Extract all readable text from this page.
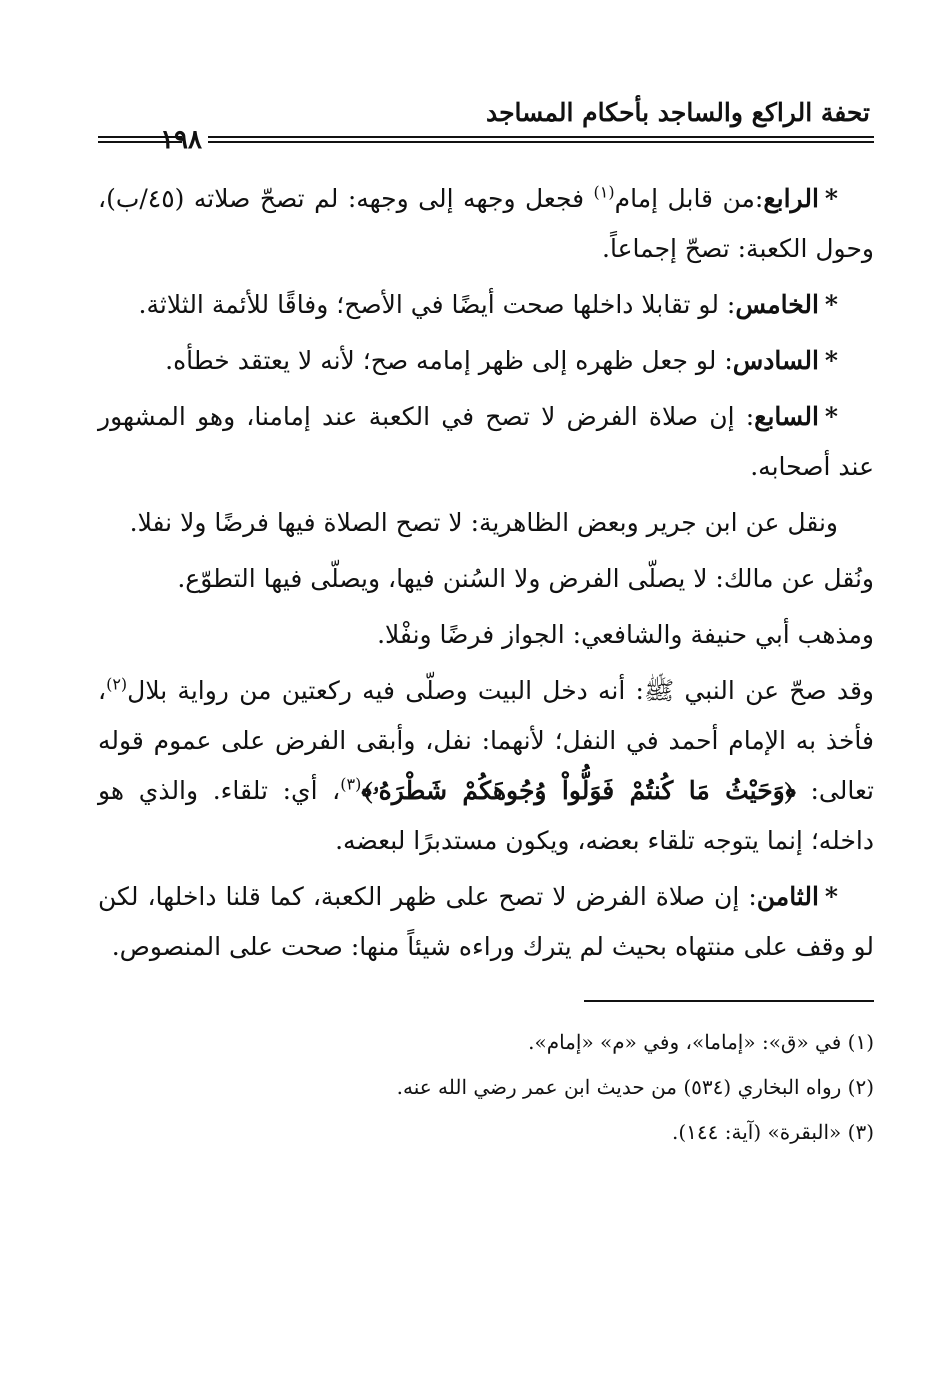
تحفة الراكع والساجد بأحكام المساجد
١٩٨

*الرابع:من قابل إمام$^{(١)}$ فجعل وجهه إلى وجهه: لم تصحّ صلاته (٤٥/ب)، وحول الكعبة: تصحّ إجماعاً.

*الخامس: لو تقابلا داخلها صحت أيضًا في الأصح؛ وفاقًا للأئمة الثلاثة.

*السادس: لو جعل ظهره إلى ظهر إمامه صح؛ لأنه لا يعتقد خطأه.

*السابع: إن صلاة الفرض لا تصح في الكعبة عند إمامنا، وهو المشهور عند أصحابه.

ونقل عن ابن جرير وبعض الظاهرية: لا تصح الصلاة فيها فرضًا ولا نفلا.

ونُقل عن مالك: لا يصلّى الفرض ولا السُنن فيها، ويصلّى فيها التطوّع.

ومذهب أبي حنيفة والشافعي: الجواز فرضًا ونفْلا.

وقد صحّ عن النبي ﷺ: أنه دخل البيت وصلّى فيه ركعتين من رواية بلال$^{(٢)}$، فأخذ به الإمام أحمد في النفل؛ لأنهما: نفل، وأبقى الفرض على عموم قوله تعالى: ﴿وَحَيْثُ مَا كُنتُمْ فَوَلُّواْ وُجُوهَكُمْ شَطْرَهُۥ﴾$^{(٣)}$، أي: تلقاء. والذي هو داخله؛ إنما يتوجه تلقاء بعضه، ويكون مستدبرًا لبعضه.

*الثامن: إن صلاة الفرض لا تصح على ظهر الكعبة، كما قلنا داخلها، لكن لو وقف على منتهاه بحيث لم يترك وراءه شيئاً منها: صحت على المنصوص.

(١) في «ق»: «إماما»، وفي «م» «إمام».

(٢) رواه البخاري (٥٣٤) من حديث ابن عمر رضي الله عنه.

(٣) «البقرة» (آية: ١٤٤).
